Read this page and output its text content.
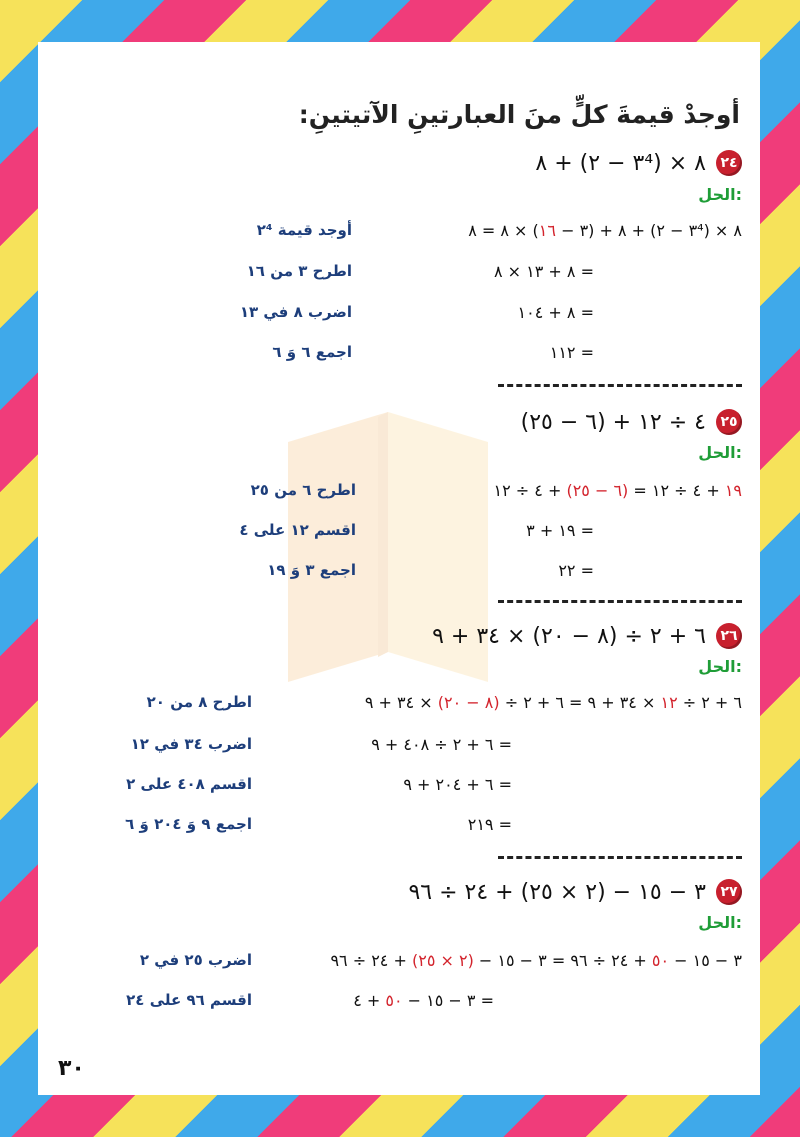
أوجدْ قيمةَ كلٍّ منَ العبارتينِ الآتيتينِ:
٢٤
٨ + (٣ − ٢⁴) × ٨
الحل:
٨ + (٣ − ١٦) × ٨ = ٨ + (٣ − ٢⁴) × ٨
أوجد قيمة ٢⁴
٨ + ١٣ × ٨ =
اطرح ٣ من ١٦
٨ + ١٠٤ =
اضرب ٨ في ١٣
١١٢ =
اجمع ٦ وَ ٦
٢٥
(٦ − ٢٥) + ٤ ÷ ١٢
الحل:
١٩ + ٤ ÷ ١٢ = (٦ − ٢٥) + ٤ ÷ ١٢
اطرح ٦ من ٢٥
١٩ + ٣ =
اقسم ١٢ على ٤
٢٢ =
اجمع ٣ وَ ١٩
٢٦
٦ + ٢ ÷ (٨ − ٢٠) × ٣٤ + ٩
الحل:
٦ + ٢ ÷ ١٢ × ٣٤ + ٩ = ٦ + ٢ ÷ (٨ − ٢٠) × ٣٤ + ٩
اطرح ٨ من ٢٠
٦ + ٢ ÷ ٤٠٨ + ٩ =
اضرب ٣٤ في ١٢
٦ + ٢٠٤ + ٩ =
اقسم ٤٠٨ على ٢
٢١٩ =
اجمع ٩ وَ ٢٠٤ وَ ٦
٢٧
٣ − ١٥ − (٢ × ٢٥) + ٢٤ ÷ ٩٦
الحل:
٣ − ١٥ − ٥٠ + ٢٤ ÷ ٩٦ = ٣ − ١٥ − (٢ × ٢٥) + ٢٤ ÷ ٩٦
اضرب ٢٥ في ٢
٣ − ١٥ − ٥٠ + ٤ =
اقسم ٩٦ على ٢٤
٣٠
